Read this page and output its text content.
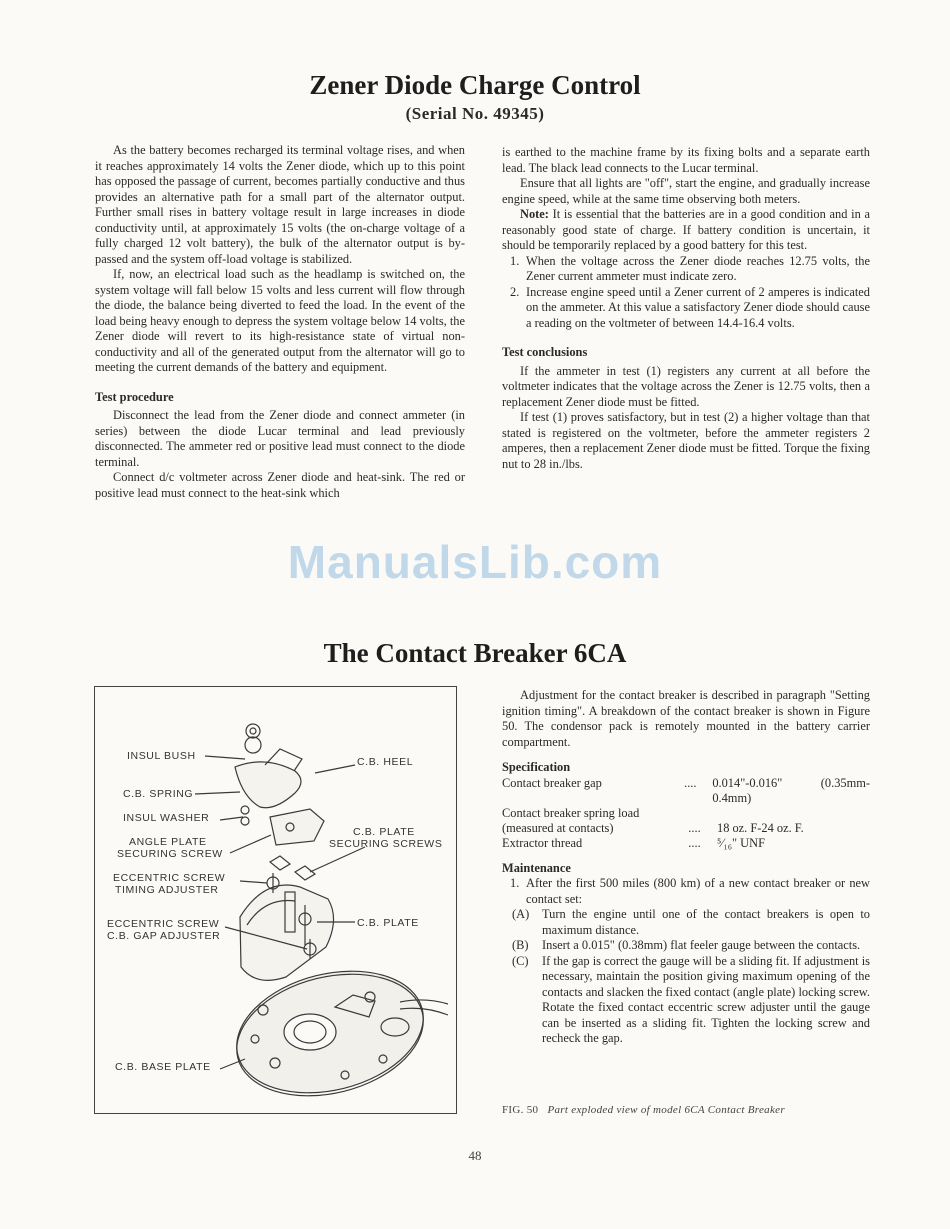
Zener Diode Charge Control
(Serial No. 49345)

As the battery becomes recharged its terminal voltage rises, and when it reaches approximately 14 volts the Zener diode, which up to this point has opposed the passage of current, becomes partially conductive and thus provides an alternative path for a small part of the alternator output. Further small rises in battery voltage result in large increases in diode conductivity until, at approximately 15 volts (the on-charge voltage of a fully charged 12 volt battery), the bulk of the alternator output is by-passed and the system off-load voltage is stabilized.

If, now, an electrical load such as the headlamp is switched on, the system voltage will fall below 15 volts and less current will flow through the diode, the balance being diverted to feed the load. In the event of the load being heavy enough to depress the system voltage below 14 volts, the Zener diode will revert to its high-resistance state of virtual non-conductivity and all of the generated output from the alternator will go to meeting the current demands of the battery and equipment.

Test procedure

Disconnect the lead from the Zener diode and connect ammeter (in series) between the diode Lucar terminal and lead previously disconnected. The ammeter red or positive lead must connect to the diode terminal.

Connect d/c voltmeter across Zener diode and heat-sink. The red or positive lead must connect to the heat-sink which

is earthed to the machine frame by its fixing bolts and a separate earth lead. The black lead connects to the Lucar terminal.

Ensure that all lights are "off", start the engine, and gradually increase engine speed, while at the same time observing both meters.

Note: It is essential that the batteries are in a good condition and in a reasonably good state of charge. If battery condition is uncertain, it should be temporarily replaced by a good battery for this test.

1. When the voltage across the Zener diode reaches 12.75 volts, the Zener current ammeter must indicate zero.
2. Increase engine speed until a Zener current of 2 amperes is indicated on the ammeter. At this value a satisfactory Zener diode should cause a reading on the voltmeter of between 14.4-16.4 volts.

Test conclusions

If the ammeter in test (1) registers any current at all before the voltmeter indicates that the voltage across the Zener is 12.75 volts, then a replacement Zener diode must be fitted.

If test (1) proves satisfactory, but in test (2) a higher voltage than that stated is registered on the voltmeter, before the ammeter registers 2 amperes, then a replacement Zener diode must be fitted. Torque the fixing nut to 28 in./lbs.

ManualsLib.com
The Contact Breaker 6CA
INSUL BUSH	C.B. HEEL
C.B. SPRING
INSUL WASHER
ANGLE PLATE
SECURING SCREW
C.B. PLATE
SECURING SCREWS
ECCENTRIC SCREW
TIMING ADJUSTER
ECCENTRIC SCREW
C.B. GAP ADJUSTER
C.B. PLATE
C.B. BASE PLATE

Adjustment for the contact breaker is described in paragraph "Setting ignition timing". A breakdown of the contact breaker is shown in Figure 50. The condensor pack is remotely mounted in the battery carrier compartment.

Specification

Contact breaker gap	....	0.014"-0.016" (0.35mm-0.4mm)
Contact breaker spring load
(measured at contacts)	....	18 oz. F-24 oz. F.
Extractor thread	....	⁵⁄₁₆" UNF

Maintenance

1. After the first 500 miles (800 km) of a new contact breaker or new contact set:
(A)	Turn the engine until one of the contact breakers is open to maximum distance.
(B)	Insert a 0.015" (0.38mm) flat feeler gauge between the contacts.
(C)	If the gap is correct the gauge will be a sliding fit. If adjustment is necessary, maintain the position giving maximum opening of the contacts and slacken the fixed contact (angle plate) locking screw. Rotate the fixed contact eccentric screw adjuster until the gauge can be inserted as a sliding fit. Tighten the locking screw and recheck the gap.
FIG. 50 Part exploded view of model 6CA Contact Breaker
48
